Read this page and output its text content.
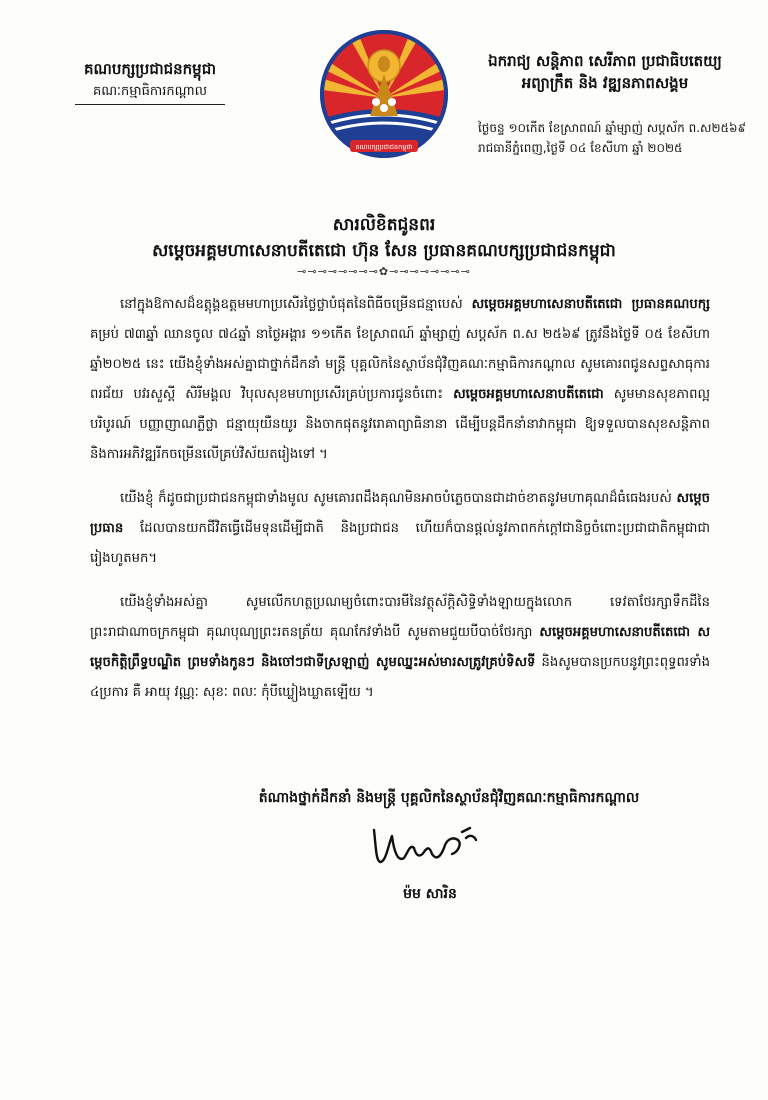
គណបក្សប្រជាជនកម្ពុជា
គណៈកម្មាធិការកណ្តាល
គណបក្សប្រជាជនកម្ពុជា
ឯករាជ្យ សន្តិភាព សេរីភាព ប្រជាធិបតេយ្យ
អព្យាក្រឹត និង វឌ្ឍនភាពសង្គម
ថ្ងៃចន្ទ ១០កើត ខែស្រាពណ៍ ឆ្នាំម្សាញ់ សប្តស័ក ព.ស២៥៦៩
រាជធានីភ្នំពេញ,ថ្ងៃទី ០៤ ខែសីហា ឆ្នាំ ២០២៥
សារលិខិតជូនពរ
សម្តេចអគ្គមហាសេនាបតីតេជោ ហ៊ុន សែន ប្រធានគណបក្សប្រជាជនកម្ពុជា
⊸⊸⊸⊸⊸⊸⊸⊸✿⊸⊸⊸⊸⊸⊸⊸⊸

នៅក្នុងឱកាសដ៏ឧត្តុង្គឧត្តមមហាប្រសើរថ្លៃថ្លាបំផុតនៃពិធីចម្រើនជន្មាបេស់ សម្តេចអគ្គមហាសេនាបតីតេជោ ប្រធានគណបក្ស គម្រប់ ៧៣ឆ្នាំ ឈានចូល ៧៤ឆ្នាំ នាថ្ងៃអង្គារ ១១កើត ខែស្រាពណ៍ ឆ្នាំម្សាញ់ សប្តស័ក ព.ស ២៥៦៩ ត្រូវនឹងថ្ងៃទី ០៥ ខែសីហា ឆ្នាំ២០២៥ នេះ យើងខ្ញុំទាំងអស់គ្នាជាថ្នាក់ដឹកនាំ មន្ត្រី បុគ្គលិកនៃស្ថាប័នជុំវិញគណៈកម្មាធិការកណ្តាល សូមគោរពជូនសព្ទសាធុការពរជ័យ បវរសួស្តី សិរីមង្គល វិបុលសុខមហាប្រសើរគ្រប់ប្រការជូនចំពោះ សម្តេចអគ្គមហាសេនាបតីតេជោ សូមមានសុខភាពល្អបរិបូរណ៍ បញ្ញាញាណភ្លឺថ្លា ជន្មាយុយឺនយូរ និងចាកផុតនូវរោគាព្យាធិនានា ដើម្បីបន្តដឹកនាំនាវាកម្ពុជា ឱ្យទទួលបានសុខសន្តិភាព និងការអភិវឌ្ឍរីកចម្រើនលើគ្រប់វិស័យតរៀងទៅ ។

យើងខ្ញុំ ក៏ដូចជាប្រជាជនកម្ពុជាទាំងមូល សូមគោរពដឹងគុណមិនអាចបំភ្លេចបានជាដាច់ខាតនូវមហាគុណដ៏ធំធេងរបស់ សម្តេចប្រធាន ដែលបានយកជីវិតធ្វើដើមទុនដើម្បីជាតិ និងប្រជាជន ហើយក៏បានផ្តល់នូវភាពកក់ក្តៅជានិច្ចចំពោះប្រជាជាតិកម្ពុជាជារៀងហូតមក។

យើងខ្ញុំទាំងអស់គ្នា សូមលើកហត្ថប្រណម្យចំពោះបារមីនៃវត្ថុស័ក្តិសិទ្ធិទាំងឡាយក្នុងលោក ទេវតាថែរក្សាទឹកដីនៃព្រះរាជាណាចក្រកម្ពុជា គុណបុណ្យព្រះរតនត្រ័យ គុណកែវទាំងបី សូមតាមជួយបីបាច់ថែរក្សា សម្តេចអគ្គមហាសេនាបតីតេជោ សម្តេចកិត្តិព្រឹទ្ធបណ្ឌិត ព្រមទាំងកូនៗ និងចៅៗជាទីស្រឡាញ់ សូមឈ្នះអស់មារសត្រូវគ្រប់ទិសទី និងសូមបានប្រកបនូវព្រះពុទ្ធពរទាំង ៤ប្រការ គឺ អាយុ វណ្ណៈ សុខៈ ពលៈ កុំបីឃ្លៀងឃ្លាតឡើយ ។

តំណាងថ្នាក់ដឹកនាំ និងមន្ត្រី បុគ្គលិកនៃស្ថាប័នជុំវិញគណៈកម្មាធិការកណ្តាល
ម៉ម សារិន
